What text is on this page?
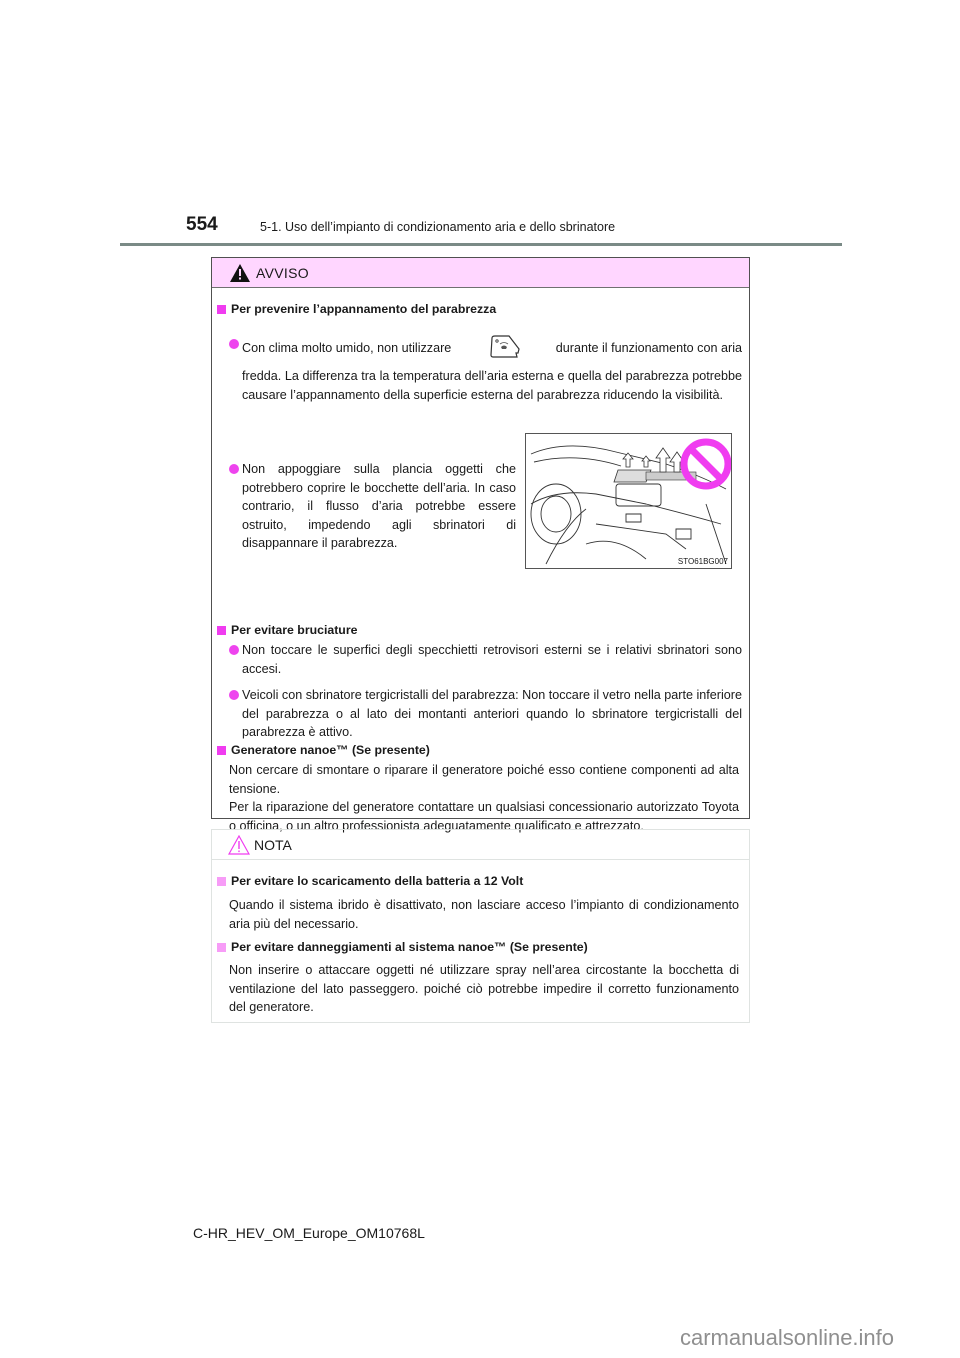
554	5-1. Uso dell’impianto di condizionamento aria e dello sbrinatore
AVVISO
Per prevenire l’appannamento del parabrezza
Con clima molto umido, non utilizzare	durante il funzionamento con aria
fredda. La differenza tra la temperatura dell’aria esterna e quella del parabrezza potrebbe causare l’appannamento della superficie esterna del parabrezza riducendo la visibilità.
Non appoggiare sulla plancia oggetti che potrebbero coprire le bocchette dell’aria. In caso contrario, il flusso d’aria potrebbe essere ostruito, impedendo agli sbrinatori di disappannare il parabrezza.
Per evitare bruciature
Non toccare le superfici degli specchietti retrovisori esterni se i relativi sbrinatori sono accesi.
Veicoli con sbrinatore tergicristalli del parabrezza: Non toccare il vetro nella parte inferiore del parabrezza o al lato dei montanti anteriori quando lo sbrinatore tergicristalli del parabrezza è attivo.
Generatore nanoe™ (Se presente)
Non cercare di smontare o riparare il generatore poiché esso contiene componenti ad alta tensione.
Per la riparazione del generatore contattare un qualsiasi concessionario autorizzato Toyota o officina, o un altro professionista adeguatamente qualificato e attrezzato.
STO61BG007
NOTA
Per evitare lo scaricamento della batteria a 12 Volt
Quando il sistema ibrido è disattivato, non lasciare acceso l’impianto di condizionamento aria più del necessario.
Per evitare danneggiamenti al sistema nanoe™ (Se presente)
Non inserire o attaccare oggetti né utilizzare spray nell’area circostante la bocchetta di ventilazione del lato passeggero. poiché ciò potrebbe impedire il corretto funzionamento del generatore.
C-HR_HEV_OM_Europe_OM10768L
carmanualsonline.info
